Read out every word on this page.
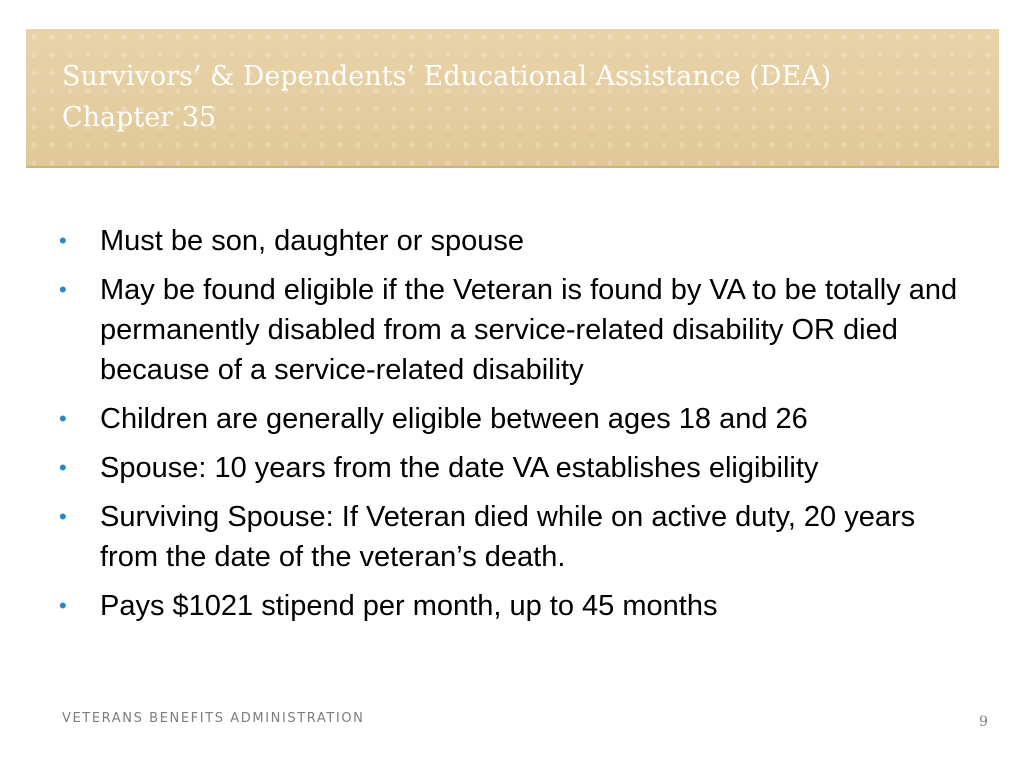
Survivors’ & Dependents’ Educational Assistance (DEA)
Chapter 35
• Must be son, daughter or spouse
• May be found eligible if the Veteran is found by VA to be totally and permanently disabled from a service-related disability OR died because of a service-related disability
• Children are generally eligible between ages 18 and 26
• Spouse: 10 years from the date VA establishes eligibility
• Surviving Spouse: If Veteran died while on active duty, 20 years from the date of the veteran’s death.
• Pays $1021 stipend per month, up to 45 months
VETERANS BENEFITS ADMINISTRATION	9
